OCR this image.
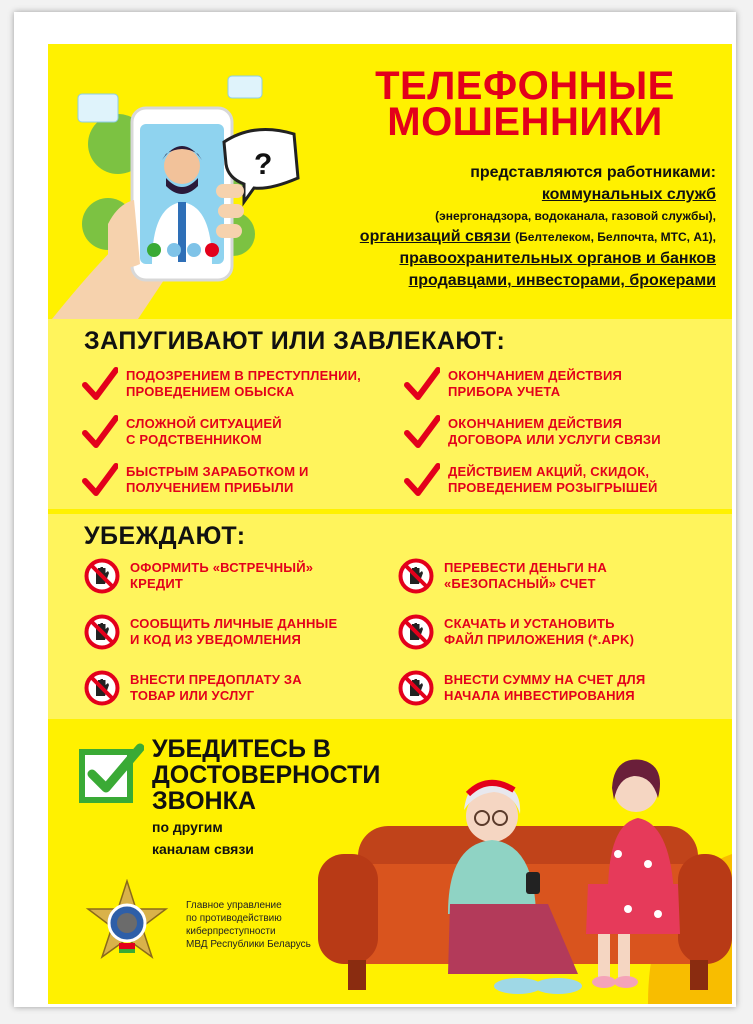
?
ТЕЛЕФОННЫЕ
МОШЕННИКИ
представляются работниками:
коммунальных служб
(энергонадзора, водоканала, газовой службы),
организаций связи (Белтелеком, Белпочта, МТС, А1),
правоохранительных органов и банков
продавцами, инвесторами, брокерами
ЗАПУГИВАЮТ ИЛИ ЗАВЛЕКАЮТ:
ПОДОЗРЕНИЕМ В ПРЕСТУПЛЕНИИ,
ПРОВЕДЕНИЕМ ОБЫСКА
ОКОНЧАНИЕМ ДЕЙСТВИЯ
ПРИБОРА УЧЕТА
СЛОЖНОЙ СИТУАЦИЕЙ
С РОДСТВЕННИКОМ
ОКОНЧАНИЕМ ДЕЙСТВИЯ
ДОГОВОРА ИЛИ УСЛУГИ СВЯЗИ
БЫСТРЫМ ЗАРАБОТКОМ И
ПОЛУЧЕНИЕМ ПРИБЫЛИ
ДЕЙСТВИЕМ АКЦИЙ, СКИДОК,
ПРОВЕДЕНИЕМ РОЗЫГРЫШЕЙ
УБЕЖДАЮТ:
ОФОРМИТЬ «ВСТРЕЧНЫЙ»
КРЕДИТ
ПЕРЕВЕСТИ ДЕНЬГИ НА
«БЕЗОПАСНЫЙ» СЧЕТ
СООБЩИТЬ ЛИЧНЫЕ ДАННЫЕ
И КОД ИЗ УВЕДОМЛЕНИЯ
СКАЧАТЬ И УСТАНОВИТЬ
ФАЙЛ ПРИЛОЖЕНИЯ (*.APK)
ВНЕСТИ ПРЕДОПЛАТУ ЗА
ТОВАР ИЛИ УСЛУГ
ВНЕСТИ СУММУ НА СЧЕТ ДЛЯ
НАЧАЛА ИНВЕСТИРОВАНИЯ
УБЕДИТЕСЬ В
ДОСТОВЕРНОСТИ
ЗВОНКА
по другим
каналам связи
Главное управление
по противодействию
киберпреступности
МВД Республики Беларусь
